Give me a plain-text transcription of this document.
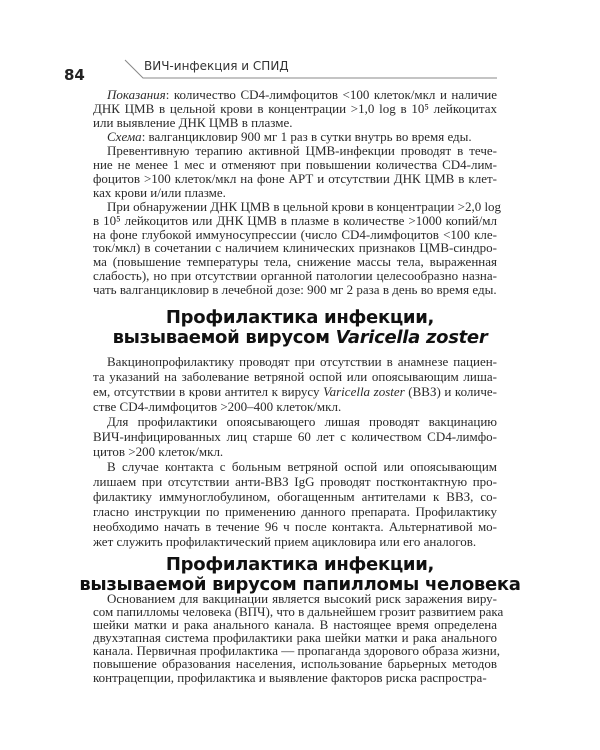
84	ВИЧ-инфекция и СПИД
Показания: количество CD4-лимфоцитов <100 клеток/мкл и наличие
ДНК ЦМВ в цельной крови в концентрации >1,0 log в 10⁵ лейкоцитах
или выявление ДНК ЦМВ в плазме.
Схема: валганцикловир 900 мг 1 раз в сутки внутрь во время еды.
Превентивную терапию активной ЦМВ-инфекции проводят в тече-
ние не менее 1 мес и отменяют при повышении количества CD4-лим-
фоцитов >100 клеток/мкл на фоне АРТ и отсутствии ДНК ЦМВ в клет-
ках крови и/или плазме.
При обнаружении ДНК ЦМВ в цельной крови в концентрации >2,0 log
в 10⁵ лейкоцитов или ДНК ЦМВ в плазме в количестве >1000 копий/мл
на фоне глубокой иммуносупрессии (число CD4-лимфоцитов <100 кле-
ток/мкл) в сочетании с наличием клинических признаков ЦМВ-синдро-
ма (повышение температуры тела, снижение массы тела, выраженная
слабость), но при отсутствии органной патологии целесообразно назна-
чать валганцикловир в лечебной дозе: 900 мг 2 раза в день во время еды.
Профилактика инфекции,
вызываемой вирусом Varicella zoster
Вакцинопрофилактику проводят при отсутствии в анамнезе пациен-
та указаний на заболевание ветряной оспой или опоясывающим лиша-
ем, отсутствии в крови антител к вирусу Varicella zoster (ВВЗ) и количе-
стве CD4-лимфоцитов >200–400 клеток/мкл.
Для профилактики опоясывающего лишая проводят вакцинацию
ВИЧ-инфицированных лиц старше 60 лет с количеством CD4-лимфо-
цитов >200 клеток/мкл.
В случае контакта с больным ветряной оспой или опоясывающим
лишаем при отсутствии анти-ВВЗ IgG проводят постконтактную про-
филактику иммуноглобулином, обогащенным антителами к ВВЗ, со-
гласно инструкции по применению данного препарата. Профилактику
необходимо начать в течение 96 ч после контакта. Альтернативой мо-
жет служить профилактический прием ацикловира или его аналогов.
Профилактика инфекции,
вызываемой вирусом папилломы человека
Основанием для вакцинации является высокий риск заражения виру-
сом папилломы человека (ВПЧ), что в дальнейшем грозит развитием рака
шейки матки и рака анального канала. В настоящее время определена
двухэтапная система профилактики рака шейки матки и рака анального
канала. Первичная профилактика — пропаганда здорового образа жизни,
повышение образования населения, использование барьерных методов
контрацепции, профилактика и выявление факторов риска распростра-
